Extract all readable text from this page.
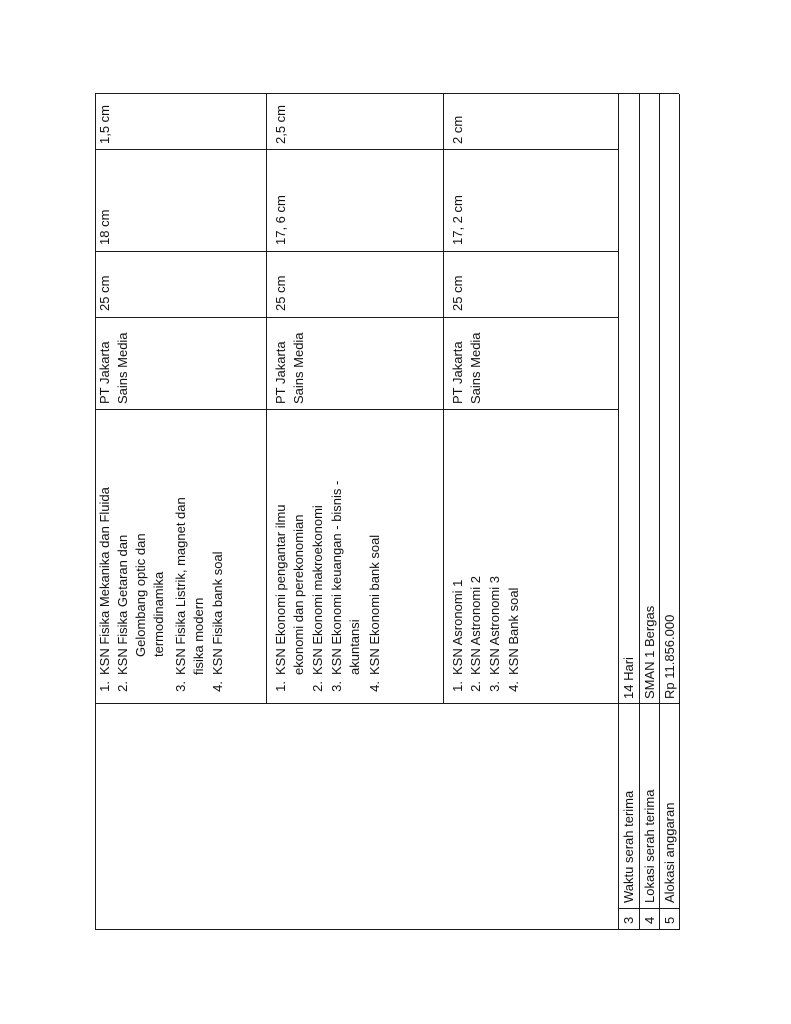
1.
KSN Fisika Mekanika dan Fluida
2.
KSN Fisika Getaran dan Gelombang optic dan termodinamika
3.
KSN Fisika Listrik, magnet dan fisika modern
4.
KSN Fisika bank soal
PT Jakarta Sains Media
25 cm
18 cm
1,5 cm
1.
KSN Ekonomi pengantar ilmu ekonomi dan perekonomian
2.
KSN Ekonomi makroekonomi
3.
KSN Ekonomi keuangan - bisnis - akuntansi
4.
KSN Ekonomi bank soal
PT Jakarta Sains Media
25 cm
17, 6 cm
2,5 cm
1.
KSN Asronomi 1
2.
KSN Astronomi 2
3.
KSN Astronomi 3
4.
KSN Bank soal
PT Jakarta Sains Media
25 cm
17, 2 cm
2 cm
3
Waktu serah terima
14 Hari
4
Lokasi serah terima
SMAN 1 Bergas
5
Alokasi anggaran
Rp 11.856.000
